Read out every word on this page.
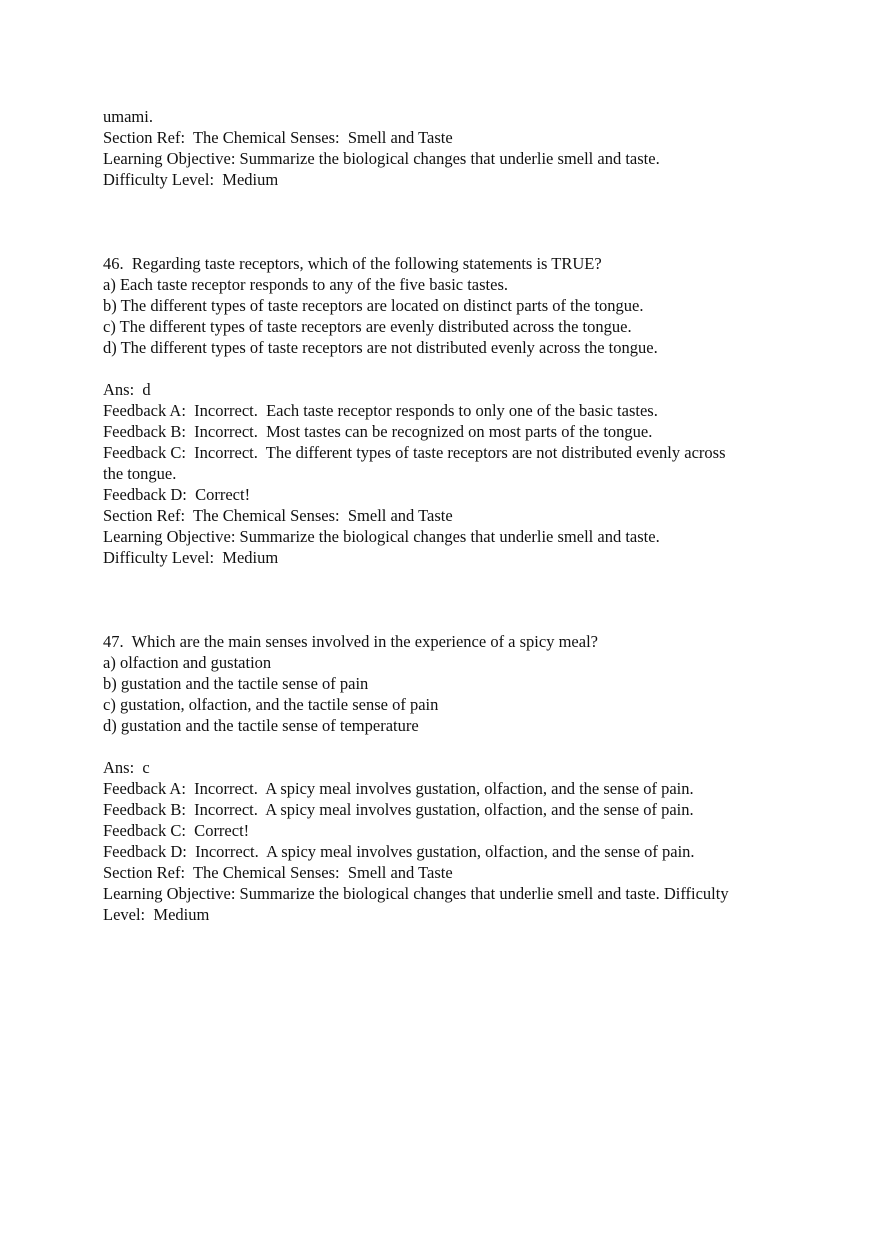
umami.

Section Ref:  The Chemical Senses:  Smell and Taste

Learning Objective: Summarize the biological changes that underlie smell and taste.

Difficulty Level:  Medium

46.  Regarding taste receptors, which of the following statements is TRUE?

a) Each taste receptor responds to any of the five basic tastes.

b) The different types of taste receptors are located on distinct parts of the tongue.

c) The different types of taste receptors are evenly distributed across the tongue.

d) The different types of taste receptors are not distributed evenly across the tongue.

Ans:  d

Feedback A:  Incorrect.  Each taste receptor responds to only one of the basic tastes.

Feedback B:  Incorrect.  Most tastes can be recognized on most parts of the tongue.

Feedback C:  Incorrect.  The different types of taste receptors are not distributed evenly across

the tongue.

Feedback D:  Correct!

Section Ref:  The Chemical Senses:  Smell and Taste

Learning Objective: Summarize the biological changes that underlie smell and taste.

Difficulty Level:  Medium

47.  Which are the main senses involved in the experience of a spicy meal?

a) olfaction and gustation

b) gustation and the tactile sense of pain

c) gustation, olfaction, and the tactile sense of pain

d) gustation and the tactile sense of temperature

Ans:  c

Feedback A:  Incorrect.  A spicy meal involves gustation, olfaction, and the sense of pain.

Feedback B:  Incorrect.  A spicy meal involves gustation, olfaction, and the sense of pain.

Feedback C:  Correct!

Feedback D:  Incorrect.  A spicy meal involves gustation, olfaction, and the sense of pain.

Section Ref:  The Chemical Senses:  Smell and Taste

Learning Objective: Summarize the biological changes that underlie smell and taste. Difficulty

Level:  Medium
